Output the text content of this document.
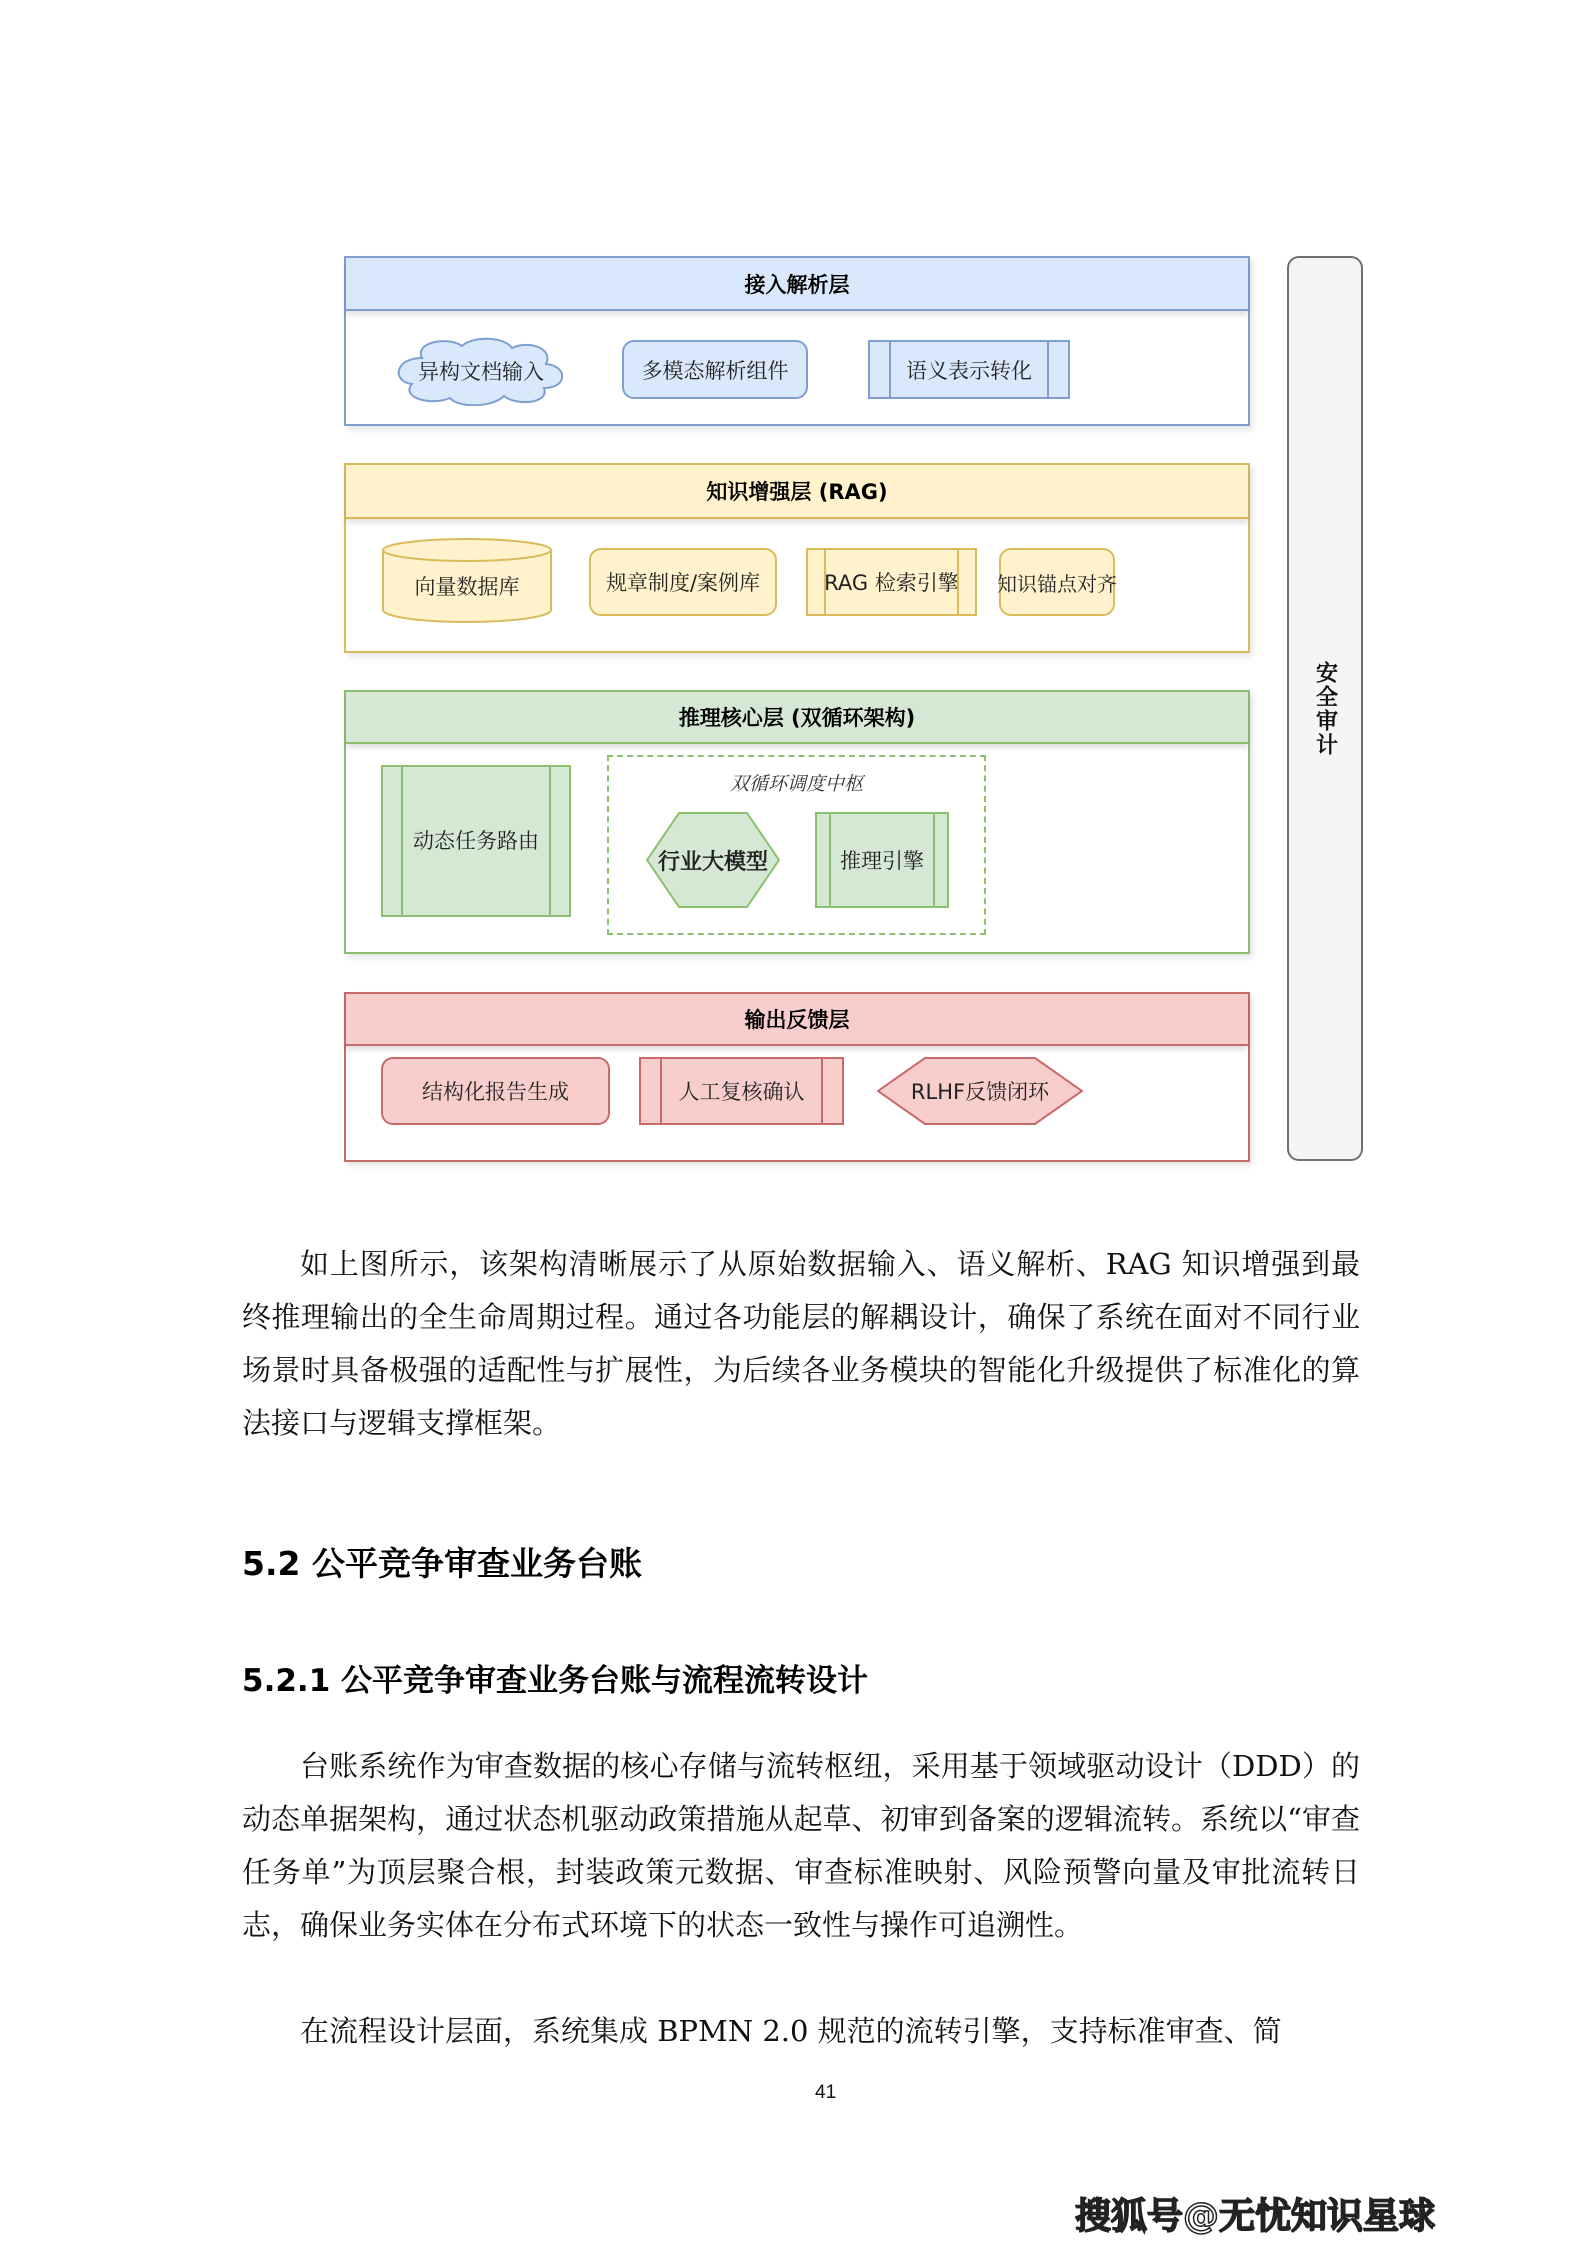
接入解析层
异构文档输入	多模态解析组件	语义表示转化
知识增强层 (RAG)
向量数据库	规章制度/案例库	RAG 检索引擎 知识锚点对齐
推理核心层 (双循环架构)
动态任务路由
双循环调度中枢
行业大模型	推理引擎
输出反馈层
结构化报告生成	人工复核确认	RLHF反馈闭环
安全审计

如上图所示，该架构清晰展示了从原始数据输入、语义解析、RAG 知识增强到最终推理输出的全生命周期过程。通过各功能层的解耦设计，确保了系统在面对不同行业场景时具备极强的适配性与扩展性，为后续各业务模块的智能化升级提供了标准化的算法接口与逻辑支撑框架。

5.2 公平竞争审查业务台账
5.2.1 公平竞争审查业务台账与流程流转设计

台账系统作为审查数据的核心存储与流转枢纽，采用基于领域驱动设计（DDD）的动态单据架构，通过状态机驱动政策措施从起草、初审到备案的逻辑流转。系统以“审查任务单”为顶层聚合根，封装政策元数据、审查标准映射、风险预警向量及审批流转日志，确保业务实体在分布式环境下的状态一致性与操作可追溯性。

在流程设计层面，系统集成 BPMN 2.0 规范的流转引擎，支持标准审查、简

41
搜狐号@无忧知识星球
